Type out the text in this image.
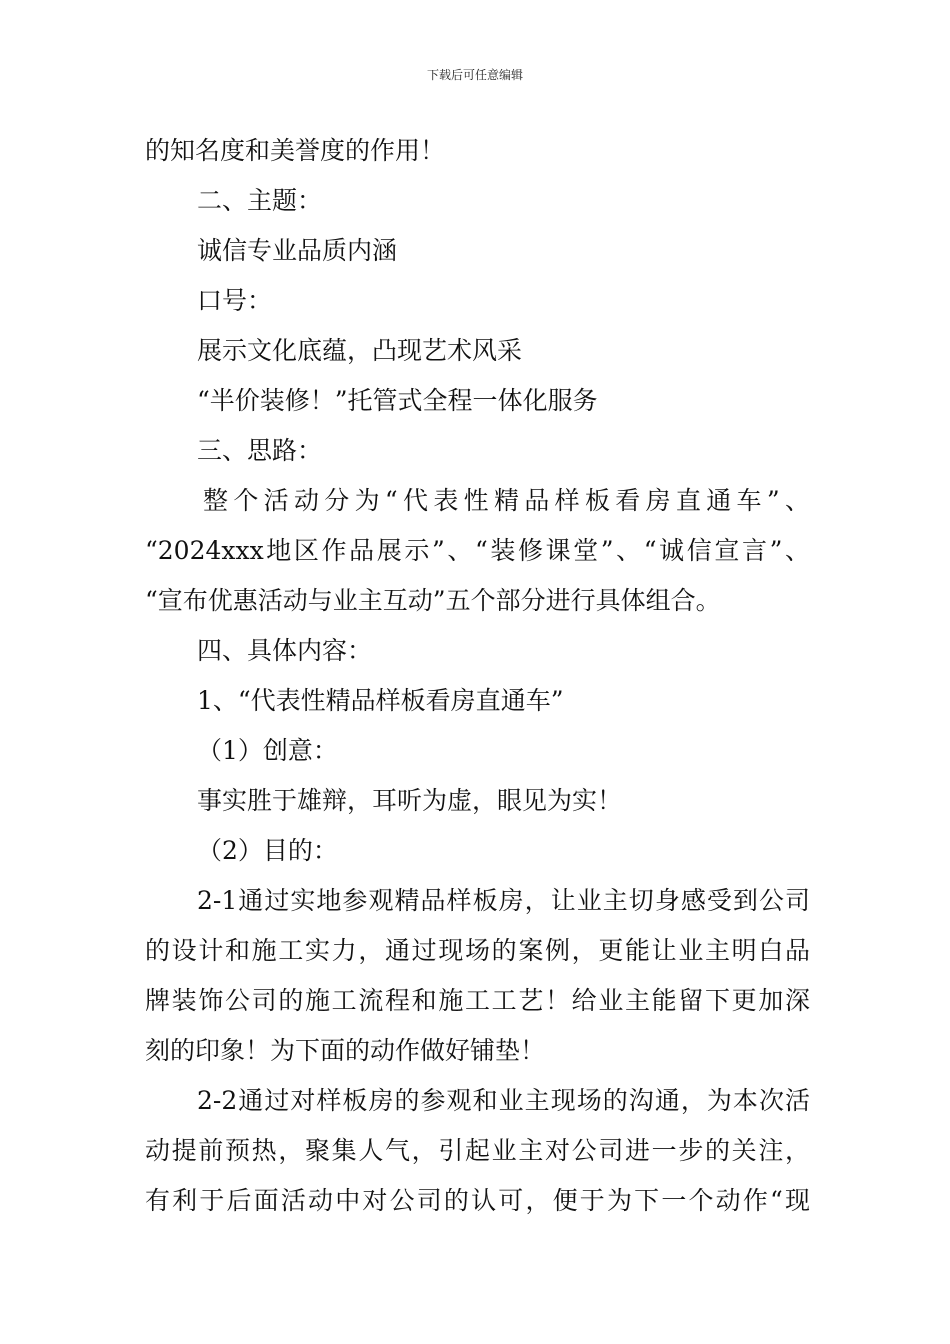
下载后可任意编辑
的知名度和美誉度的作用！
二、主题：
诚信专业品质内涵
口号：
展示文化底蕴，凸现艺术风采
“半价装修！”托管式全程一体化服务
三、思路：
整个活动分为“代表性精品样板看房直通车”、
“2024xxx地区作品展示”、“装修课堂”、“诚信宣言”、
“宣布优惠活动与业主互动”五个部分进行具体组合。
四、具体内容：
1、“代表性精品样板看房直通车”
（1）创意：
事实胜于雄辩，耳听为虚，眼见为实！
（2）目的：
2-1通过实地参观精品样板房，让业主切身感受到公司
的设计和施工实力，通过现场的案例，更能让业主明白品
牌装饰公司的施工流程和施工工艺！给业主能留下更加深
刻的印象！为下面的动作做好铺垫！
2-2通过对样板房的参观和业主现场的沟通，为本次活
动提前预热，聚集人气，引起业主对公司进一步的关注，
有利于后面活动中对公司的认可，便于为下一个动作“现
